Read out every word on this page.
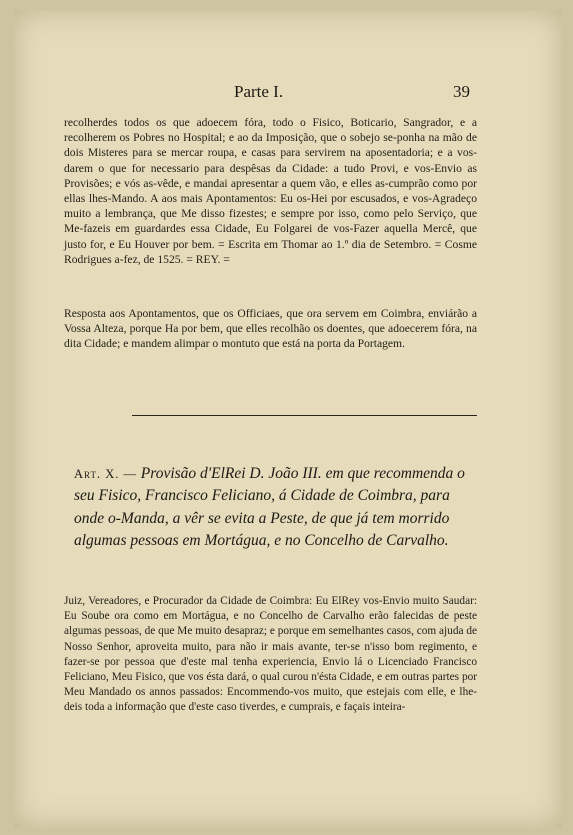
Parte I.	39

recolherdes todos os que adoecem fóra, todo o Fisico, Boticario, Sangrador, e a recolherem os Pobres no Hospital; e ao da Imposição, que o sobejo se-ponha na mão de dois Misteres para se mercar roupa, e casas para servirem na aposentadoria; e a vos-darem o que for necessario para despêsas da Cidade: a tudo Provi, e vos-Envio as Provisões; e vós as-vêde, e mandai apresentar a quem vão, e elles as-cumprão como por ellas lhes-Mando. A aos mais Apontamentos: Eu os-Hei por escusados, e vos-Agradeço muito a lembrança, que Me disso fizestes; e sempre por isso, como pelo Serviço, que Me-fazeis em guardardes essa Cidade, Eu Folgarei de vos-Fazer aquella Mercê, que justo for, e Eu Houver por bem. = Escrita em Thomar ao 1.º dia de Setembro. = Cosme Rodrigues a-fez, de 1525. = REY. =

Resposta aos Apontamentos, que os Officiaes, que ora servem em Coimbra, enviárão a Vossa Alteza, porque Ha por bem, que elles recolhão os doentes, que adoecerem fóra, na dita Cidade; e mandem alimpar o montuto que está na porta da Portagem.

Art. X. — Provisão d'ElRei D. João III. em que recommenda o seu Fisico, Francisco Feliciano, á Cidade de Coimbra, para onde o-Manda, a vêr se evita a Peste, de que já tem morrido algumas pessoas em Mortágua, e no Concelho de Carvalho.

Juiz, Vereadores, e Procurador da Cidade de Coimbra: Eu ElRey vos-Envio muito Saudar: Eu Soube ora como em Mortágua, e no Concelho de Carvalho erão falecidas de peste algumas pessoas, de que Me muito desapraz; e porque em semelhantes casos, com ajuda de Nosso Senhor, aproveita muito, para não ir mais avante, ter-se n'isso bom regimento, e fazer-se por pessoa que d'este mal tenha experiencia, Envio lá o Licenciado Francisco Feliciano, Meu Fisico, que vos ésta dará, o qual curou n'ésta Cidade, e em outras partes por Meu Mandado os annos passados: Encommendo-vos muito, que estejais com elle, e lhe-deis toda a informação que d'este caso tiverdes, e cumprais, e façais inteira-
